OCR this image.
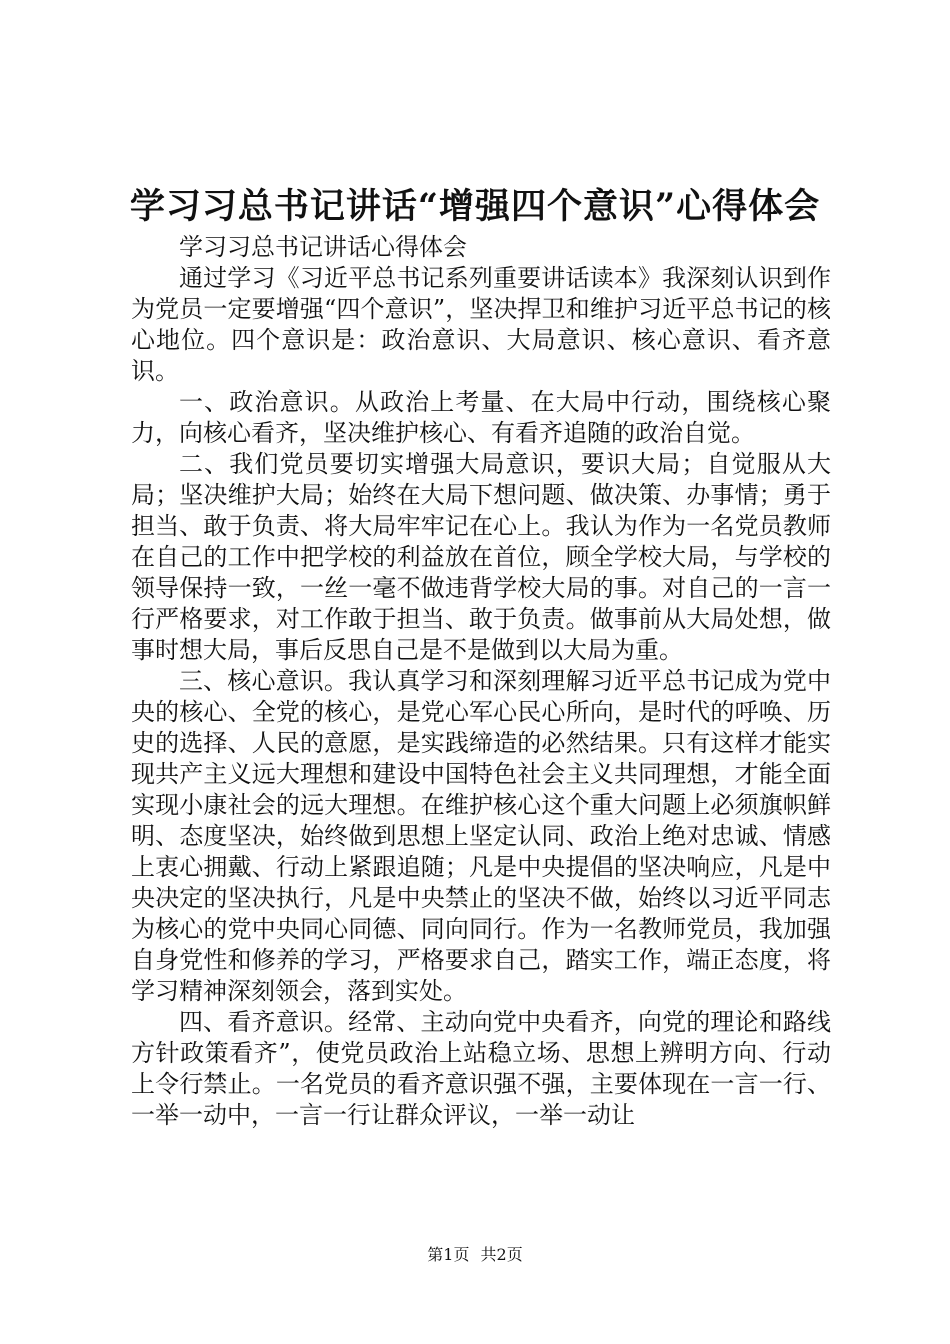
学习习总书记讲话“增强四个意识”心得体会

学习习总书记讲话心得体会

通过学习《习近平总书记系列重要讲话读本》我深刻认识到作为党员一定要增强“四个意识”，坚决捍卫和维护习近平总书记的核心地位。四个意识是：政治意识、大局意识、核心意识、看齐意识。

一、政治意识。从政治上考量、在大局中行动，围绕核心聚力，向核心看齐，坚决维护核心、有看齐追随的政治自觉。

二、我们党员要切实增强大局意识，要识大局；自觉服从大局；坚决维护大局；始终在大局下想问题、做决策、办事情；勇于担当、敢于负责、将大局牢牢记在心上。我认为作为一名党员教师在自己的工作中把学校的利益放在首位，顾全学校大局，与学校的领导保持一致，一丝一毫不做违背学校大局的事。对自己的一言一行严格要求，对工作敢于担当、敢于负责。做事前从大局处想，做事时想大局，事后反思自己是不是做到以大局为重。

三、核心意识。我认真学习和深刻理解习近平总书记成为党中央的核心、全党的核心，是党心军心民心所向，是时代的呼唤、历史的选择、人民的意愿，是实践缔造的必然结果。只有这样才能实现共产主义远大理想和建设中国特色社会主义共同理想，才能全面实现小康社会的远大理想。在维护核心这个重大问题上必须旗帜鲜明、态度坚决，始终做到思想上坚定认同、政治上绝对忠诚、情感上衷心拥戴、行动上紧跟追随；凡是中央提倡的坚决响应，凡是中央决定的坚决执行，凡是中央禁止的坚决不做，始终以习近平同志为核心的党中央同心同德、同向同行。作为一名教师党员，我加强自身党性和修养的学习，严格要求自己，踏实工作，端正态度，将学习精神深刻领会，落到实处。

四、看齐意识。经常、主动向党中央看齐，向党的理论和路线方针政策看齐”，使党员政治上站稳立场、思想上辨明方向、行动上令行禁止。一名党员的看齐意识强不强，主要体现在一言一行、一举一动中，一言一行让群众评议，一举一动让

第1页 共2页
